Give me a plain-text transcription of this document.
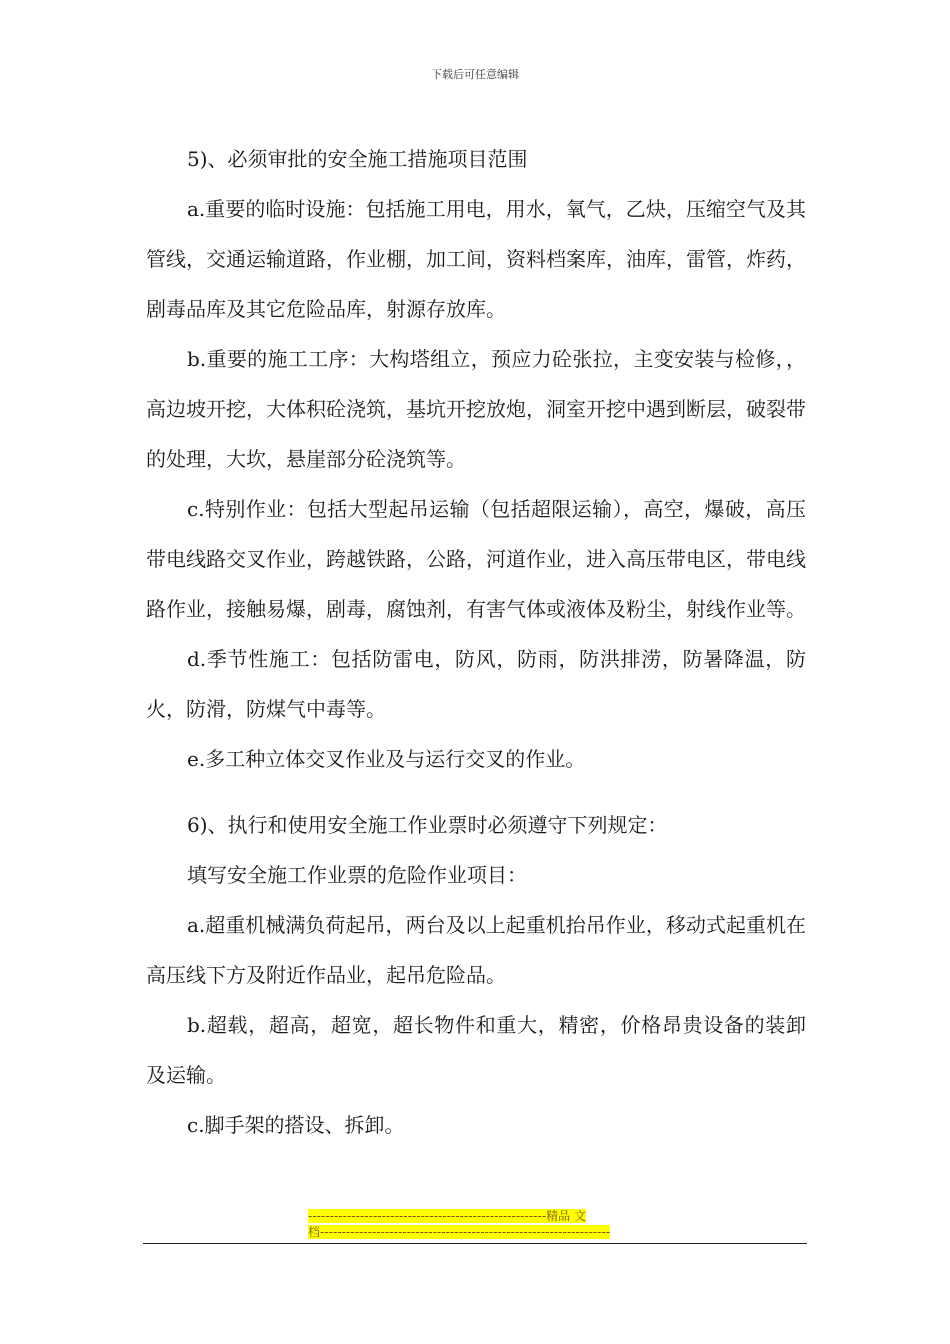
下载后可任意编辑

5)、必须审批的安全施工措施项目范围

a.重要的临时设施：包括施工用电，用水，氧气，乙炔，压缩空气及其管线，交通运输道路，作业棚，加工间，资料档案库，油库，雷管，炸药，剧毒品库及其它危险品库，射源存放库。

b.重要的施工工序：大构塔组立，预应力砼张拉，主变安装与检修，，高边坡开挖，大体积砼浇筑，基坑开挖放炮，洞室开挖中遇到断层，破裂带的处理，大坎，悬崖部分砼浇筑等。

c.特别作业：包括大型起吊运输（包括超限运输），高空，爆破，高压带电线路交叉作业，跨越铁路，公路，河道作业，进入高压带电区，带电线路作业，接触易爆，剧毒，腐蚀剂，有害气体或液体及粉尘，射线作业等。

d.季节性施工：包括防雷电，防风，防雨，防洪排涝，防暑降温，防火，防滑，防煤气中毒等。

e.多工种立体交叉作业及与运行交叉的作业。

6)、执行和使用安全施工作业票时必须遵守下列规定：

填写安全施工作业票的危险作业项目：

a.超重机械满负荷起吊，两台及以上起重机抬吊作业，移动式起重机在高压线下方及附近作品业，起吊危险品。

b.超载，超高，超宽，超长物件和重大，精密，价格昂贵设备的装卸及运输。

c.脚手架的搭设、拆卸。

-------------------------------------------------------精品 文
档-------------------------------------------------------------------
